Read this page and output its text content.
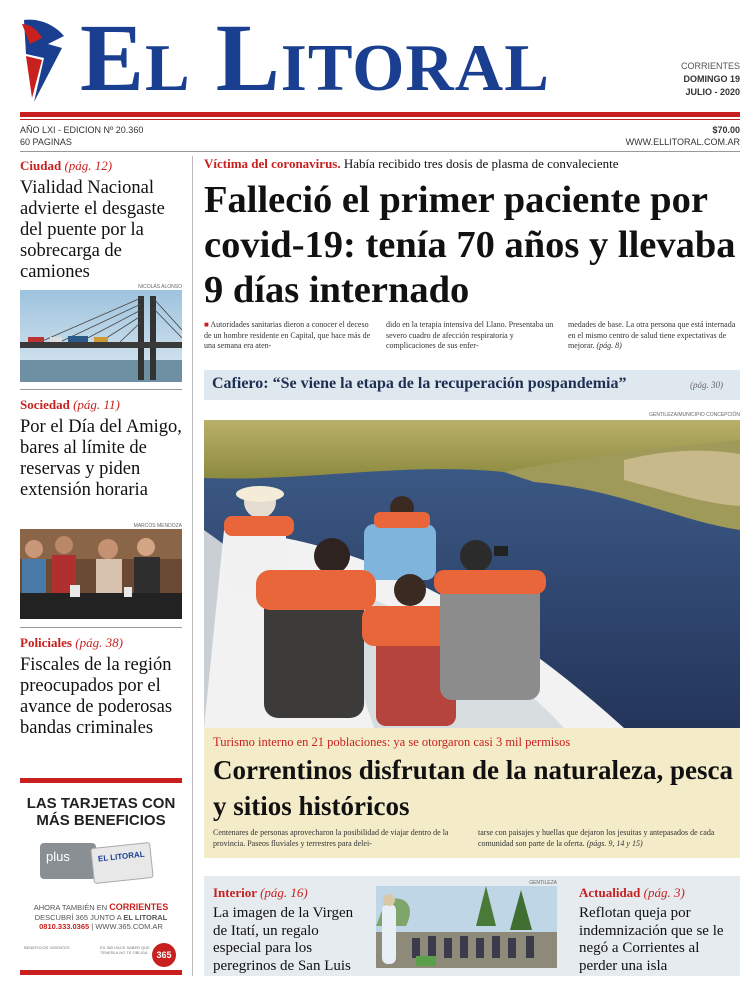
El Litoral	CORRIENTES
DOMINGO 19
JULIO - 2020
AÑO LXI - EDICION Nº 20.360
60 PAGINAS
$70.00
WWW.ELLITORAL.COM.AR
Ciudad (pág. 12)
Vialidad Nacional advierte el desgaste del puente por la sobrecarga de camiones
NICOLÁS ALONSO
Sociedad (pág. 11)
Por el Día del Amigo, bares al límite de reservas y piden extensión horaria
MARCOS MENDOZA
Policiales (pág. 38)
Fiscales de la región preocupados por el avance de poderosas bandas criminales
LAS TARJETAS CON MÁS BENEFICIOS
plus	EL LITORAL
AHORA TAMBIÉN EN CORRIENTES
DESCUBRÍ 365 JUNTO A EL LITORAL
0810.333.0365 | WWW.365.COM.AR
BENEFICIOS VIGENTES	ES 365 HACE SABER QUE TENERLA NO TE OBLIGA 365
Víctima del coronavirus. Había recibido tres dosis de plasma de convaleciente
Falleció el primer paciente por covid-19: tenía 70 años y llevaba 9 días internado
■ Autoridades sanitarias dieron a conocer el deceso de un hombre residente en Capital, que hace más de una semana era aten-
dido en la terapia intensiva del Llano. Presentaba un severo cuadro de afección respiratoria y complicaciones de sus enfer-
medades de base. La otra persona que está internada en el mismo centro de salud tiene expectativas de mejorar. (pág. 8)
Cafiero: “Se viene la etapa de la recuperación pospandemia”	(pág. 30)
GENTILEZA/MUNICIPIO CONCEPCIÓN
Turismo interno en 21 poblaciones: ya se otorgaron casi 3 mil permisos
Correntinos disfrutan de la naturaleza, pesca y sitios históricos
Centenares de personas aprovecharon la posibilidad de viajar dentro de la provincia. Paseos fluviales y terrestres para delei-
tarse con paisajes y huellas que dejaron los jesuitas y antepasados de cada comunidad son parte de la oferta. (págs. 9, 14 y 15)
Interior (pág. 16)
La imagen de la Virgen de Itatí, un regalo especial para los peregrinos de San Luis
GENTILEZA
Actualidad (pág. 3)
Reflotan queja por indemnización que se le negó a Corrientes al perder una isla
